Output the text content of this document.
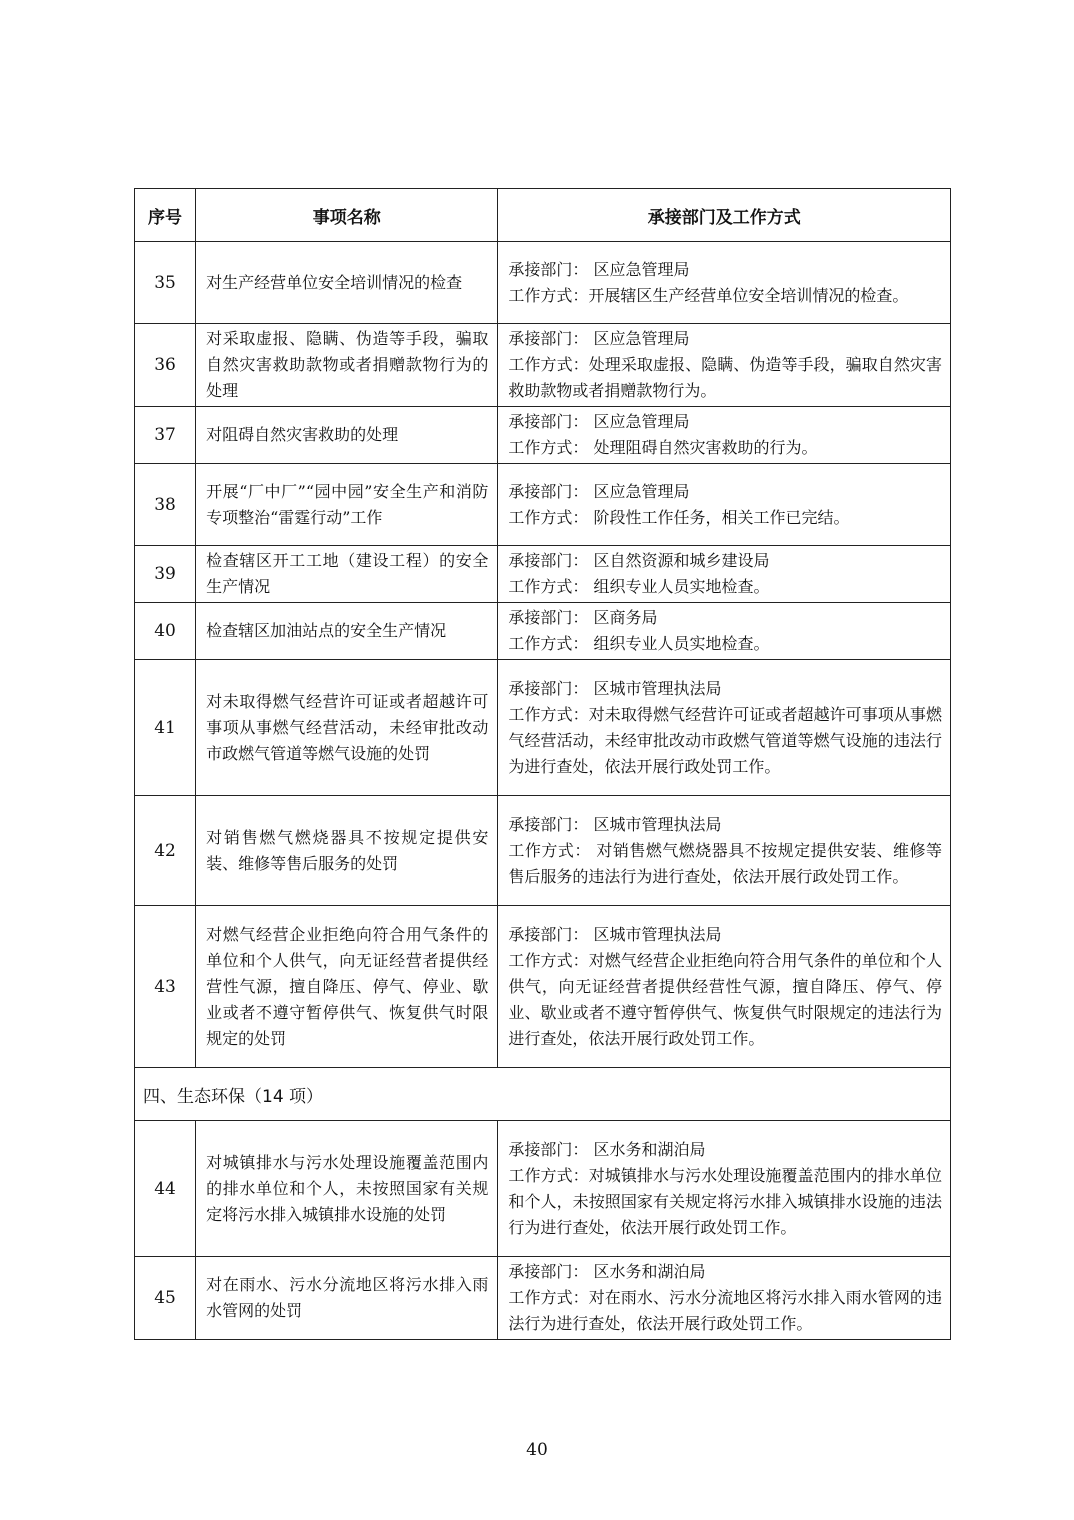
序号	事项名称	承接部门及工作方式
35	对生产经营单位安全培训情况的检查	承接部门： 区应急管理局
工作方式：开展辖区生产经营单位安全培训情况的检查。

36	对采取虚报、隐瞒、伪造等手段，骗取自然灾害救助款物或者捐赠款物行为的处理	承接部门： 区应急管理局
工作方式：处理采取虚报、隐瞒、伪造等手段，骗取自然灾害救助款物或者捐赠款物行为。

37	对阻碍自然灾害救助的处理	承接部门： 区应急管理局
工作方式： 处理阻碍自然灾害救助的行为。

38	开展“厂中厂”“园中园”安全生产和消防专项整治“雷霆行动”工作	承接部门： 区应急管理局
工作方式： 阶段性工作任务，相关工作已完结。

39	检查辖区开工工地（建设工程）的安全生产情况	承接部门： 区自然资源和城乡建设局
工作方式： 组织专业人员实地检查。

40	检查辖区加油站点的安全生产情况	承接部门： 区商务局
工作方式： 组织专业人员实地检查。

41	对未取得燃气经营许可证或者超越许可事项从事燃气经营活动，未经审批改动市政燃气管道等燃气设施的处罚	承接部门： 区城市管理执法局
工作方式：对未取得燃气经营许可证或者超越许可事项从事燃气经营活动，未经审批改动市政燃气管道等燃气设施的违法行为进行查处，依法开展行政处罚工作。

42	对销售燃气燃烧器具不按规定提供安装、维修等售后服务的处罚	承接部门： 区城市管理执法局
工作方式： 对销售燃气燃烧器具不按规定提供安装、维修等售后服务的违法行为进行查处，依法开展行政处罚工作。

43	对燃气经营企业拒绝向符合用气条件的单位和个人供气，向无证经营者提供经营性气源，擅自降压、停气、停业、歇业或者不遵守暂停供气、恢复供气时限规定的处罚	承接部门： 区城市管理执法局
工作方式：对燃气经营企业拒绝向符合用气条件的单位和个人供气，向无证经营者提供经营性气源，擅自降压、停气、停业、歇业或者不遵守暂停供气、恢复供气时限规定的违法行为进行查处，依法开展行政处罚工作。

四、生态环保（14 项）		
44	对城镇排水与污水处理设施覆盖范围内的排水单位和个人，未按照国家有关规定将污水排入城镇排水设施的处罚	承接部门： 区水务和湖泊局
工作方式：对城镇排水与污水处理设施覆盖范围内的排水单位和个人，未按照国家有关规定将污水排入城镇排水设施的违法行为进行查处，依法开展行政处罚工作。

45	对在雨水、污水分流地区将污水排入雨水管网的处罚	承接部门： 区水务和湖泊局
工作方式：对在雨水、污水分流地区将污水排入雨水管网的违法行为进行查处，依法开展行政处罚工作。
40
